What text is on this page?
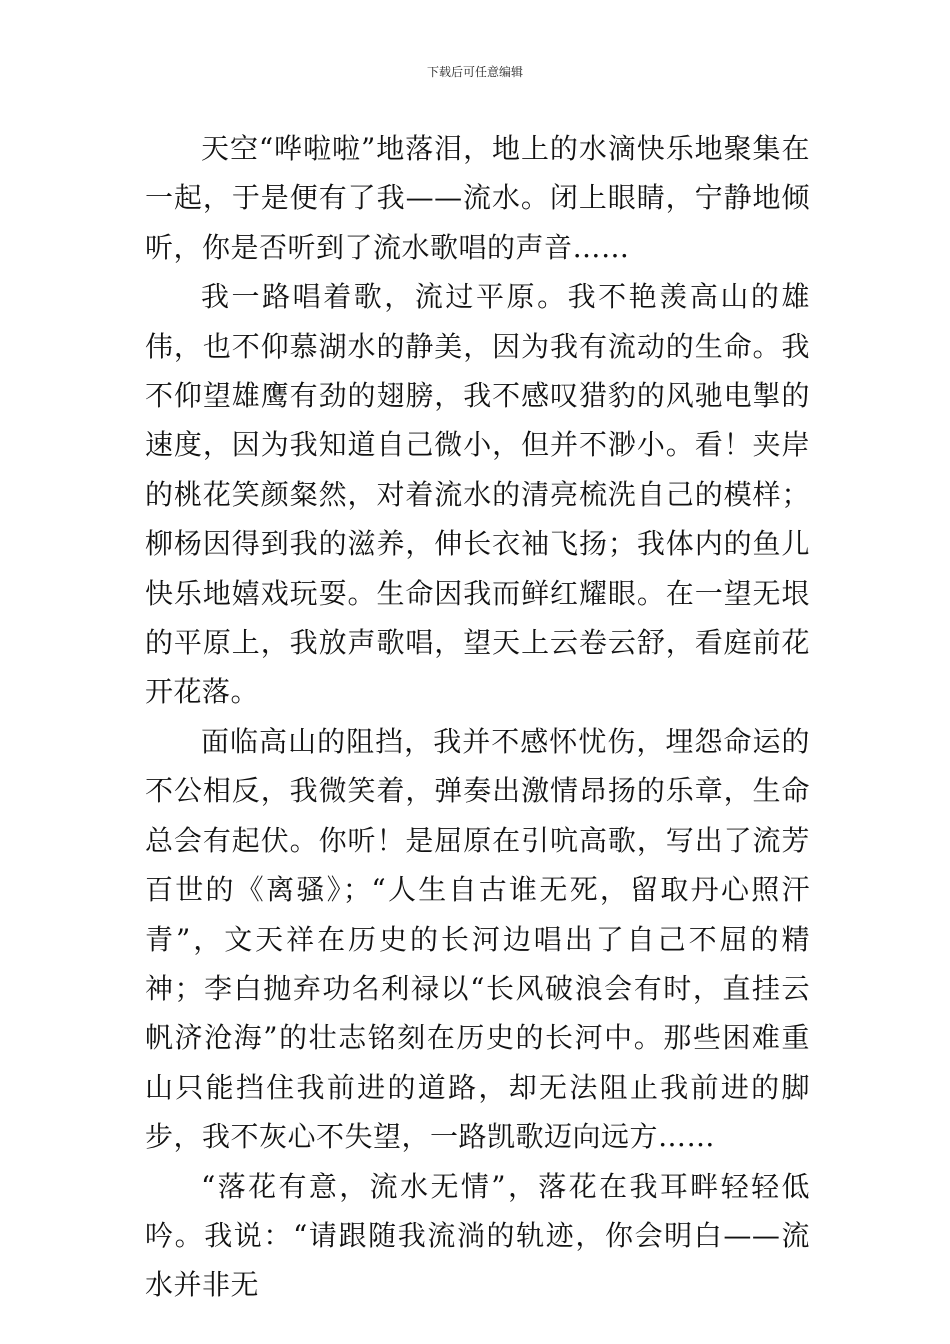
下载后可任意编辑

天空“哗啦啦”地落泪，地上的水滴快乐地聚集在一起，于是便有了我——流水。闭上眼睛，宁静地倾听，你是否听到了流水歌唱的声音……

我一路唱着歌，流过平原。我不艳羡高山的雄伟，也不仰慕湖水的静美，因为我有流动的生命。我不仰望雄鹰有劲的翅膀，我不感叹猎豹的风驰电掣的速度，因为我知道自己微小，但并不渺小。看！夹岸的桃花笑颜粲然，对着流水的清亮梳洗自己的模样；柳杨因得到我的滋养，伸长衣袖飞扬；我体内的鱼儿快乐地嬉戏玩耍。生命因我而鲜红耀眼。在一望无垠的平原上，我放声歌唱，望天上云卷云舒，看庭前花开花落。

面临高山的阻挡，我并不感怀忧伤，埋怨命运的不公相反，我微笑着，弹奏出激情昂扬的乐章，生命总会有起伏。你听！是屈原在引吭高歌，写出了流芳百世的《离骚》；“人生自古谁无死，留取丹心照汗青”，文天祥在历史的长河边唱出了自己不屈的精神；李白抛弃功名利禄以“长风破浪会有时，直挂云帆济沧海”的壮志铭刻在历史的长河中。那些困难重山只能挡住我前进的道路，却无法阻止我前进的脚步，我不灰心不失望，一路凯歌迈向远方……

“落花有意，流水无情”，落花在我耳畔轻轻低吟。我说：“请跟随我流淌的轨迹，你会明白——流水并非无
